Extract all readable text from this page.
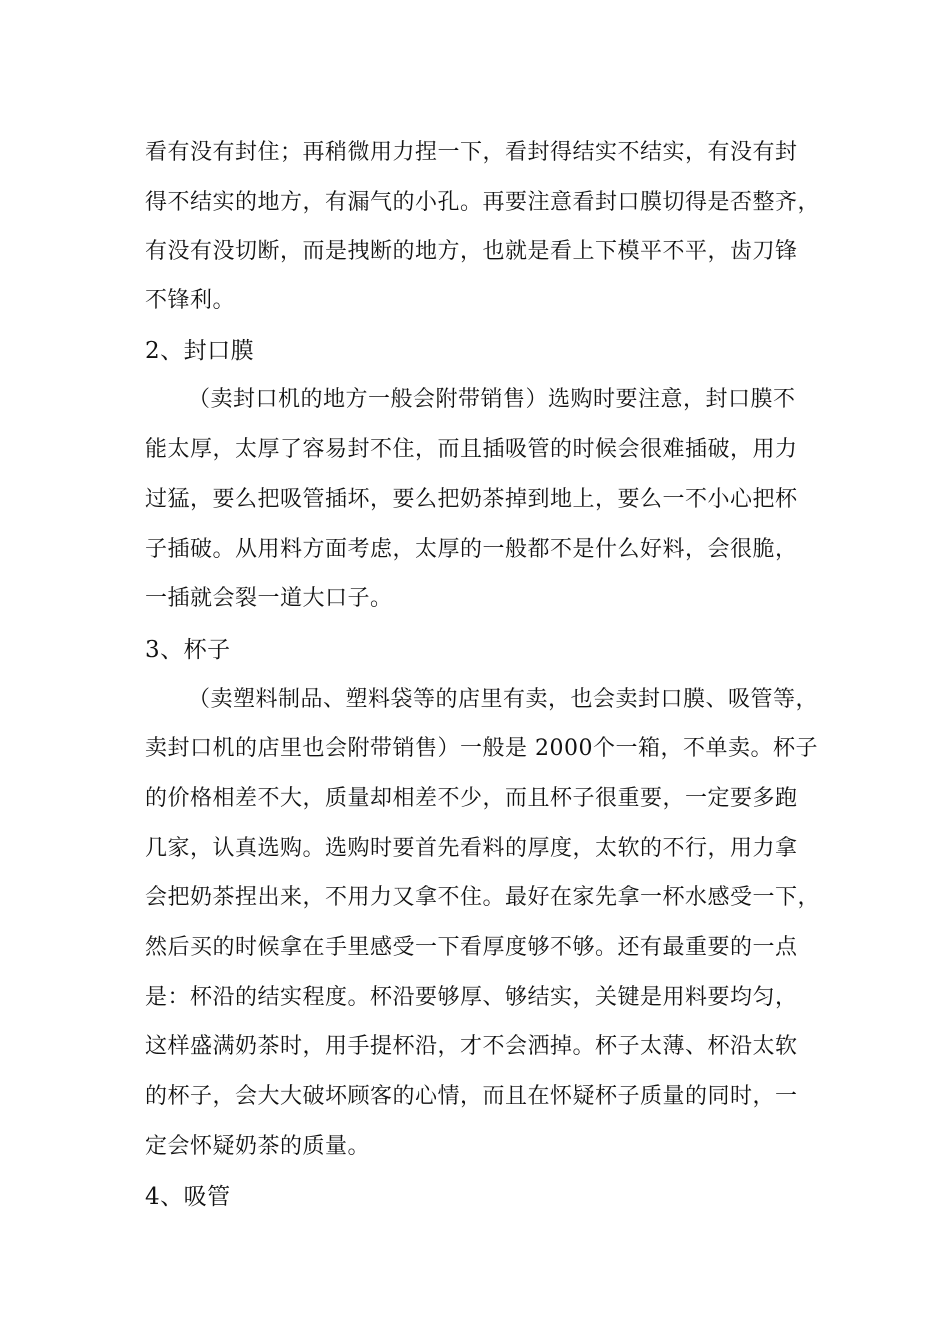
看有没有封住；再稍微用力捏一下，看封得结实不结实，有没有封
得不结实的地方，有漏气的小孔。再要注意看封口膜切得是否整齐，
有没有没切断，而是拽断的地方，也就是看上下模平不平，齿刀锋
不锋利。
2、封口膜
（卖封口机的地方一般会附带销售）选购时要注意，封口膜不
能太厚，太厚了容易封不住，而且插吸管的时候会很难插破，用力
过猛，要么把吸管插坏，要么把奶茶掉到地上，要么一不小心把杯
子插破。从用料方面考虑，太厚的一般都不是什么好料，会很脆，
一插就会裂一道大口子。
3、杯子
（卖塑料制品、塑料袋等的店里有卖，也会卖封口膜、吸管等，
卖封口机的店里也会附带销售）一般是 2000个一箱，不单卖。杯子
的价格相差不大，质量却相差不少，而且杯子很重要，一定要多跑
几家，认真选购。选购时要首先看料的厚度，太软的不行，用力拿
会把奶茶捏出来，不用力又拿不住。最好在家先拿一杯水感受一下，
然后买的时候拿在手里感受一下看厚度够不够。还有最重要的一点
是：杯沿的结实程度。杯沿要够厚、够结实，关键是用料要均匀，
这样盛满奶茶时，用手提杯沿，才不会洒掉。杯子太薄、杯沿太软
的杯子，会大大破坏顾客的心情，而且在怀疑杯子质量的同时，一
定会怀疑奶茶的质量。
4、吸管
